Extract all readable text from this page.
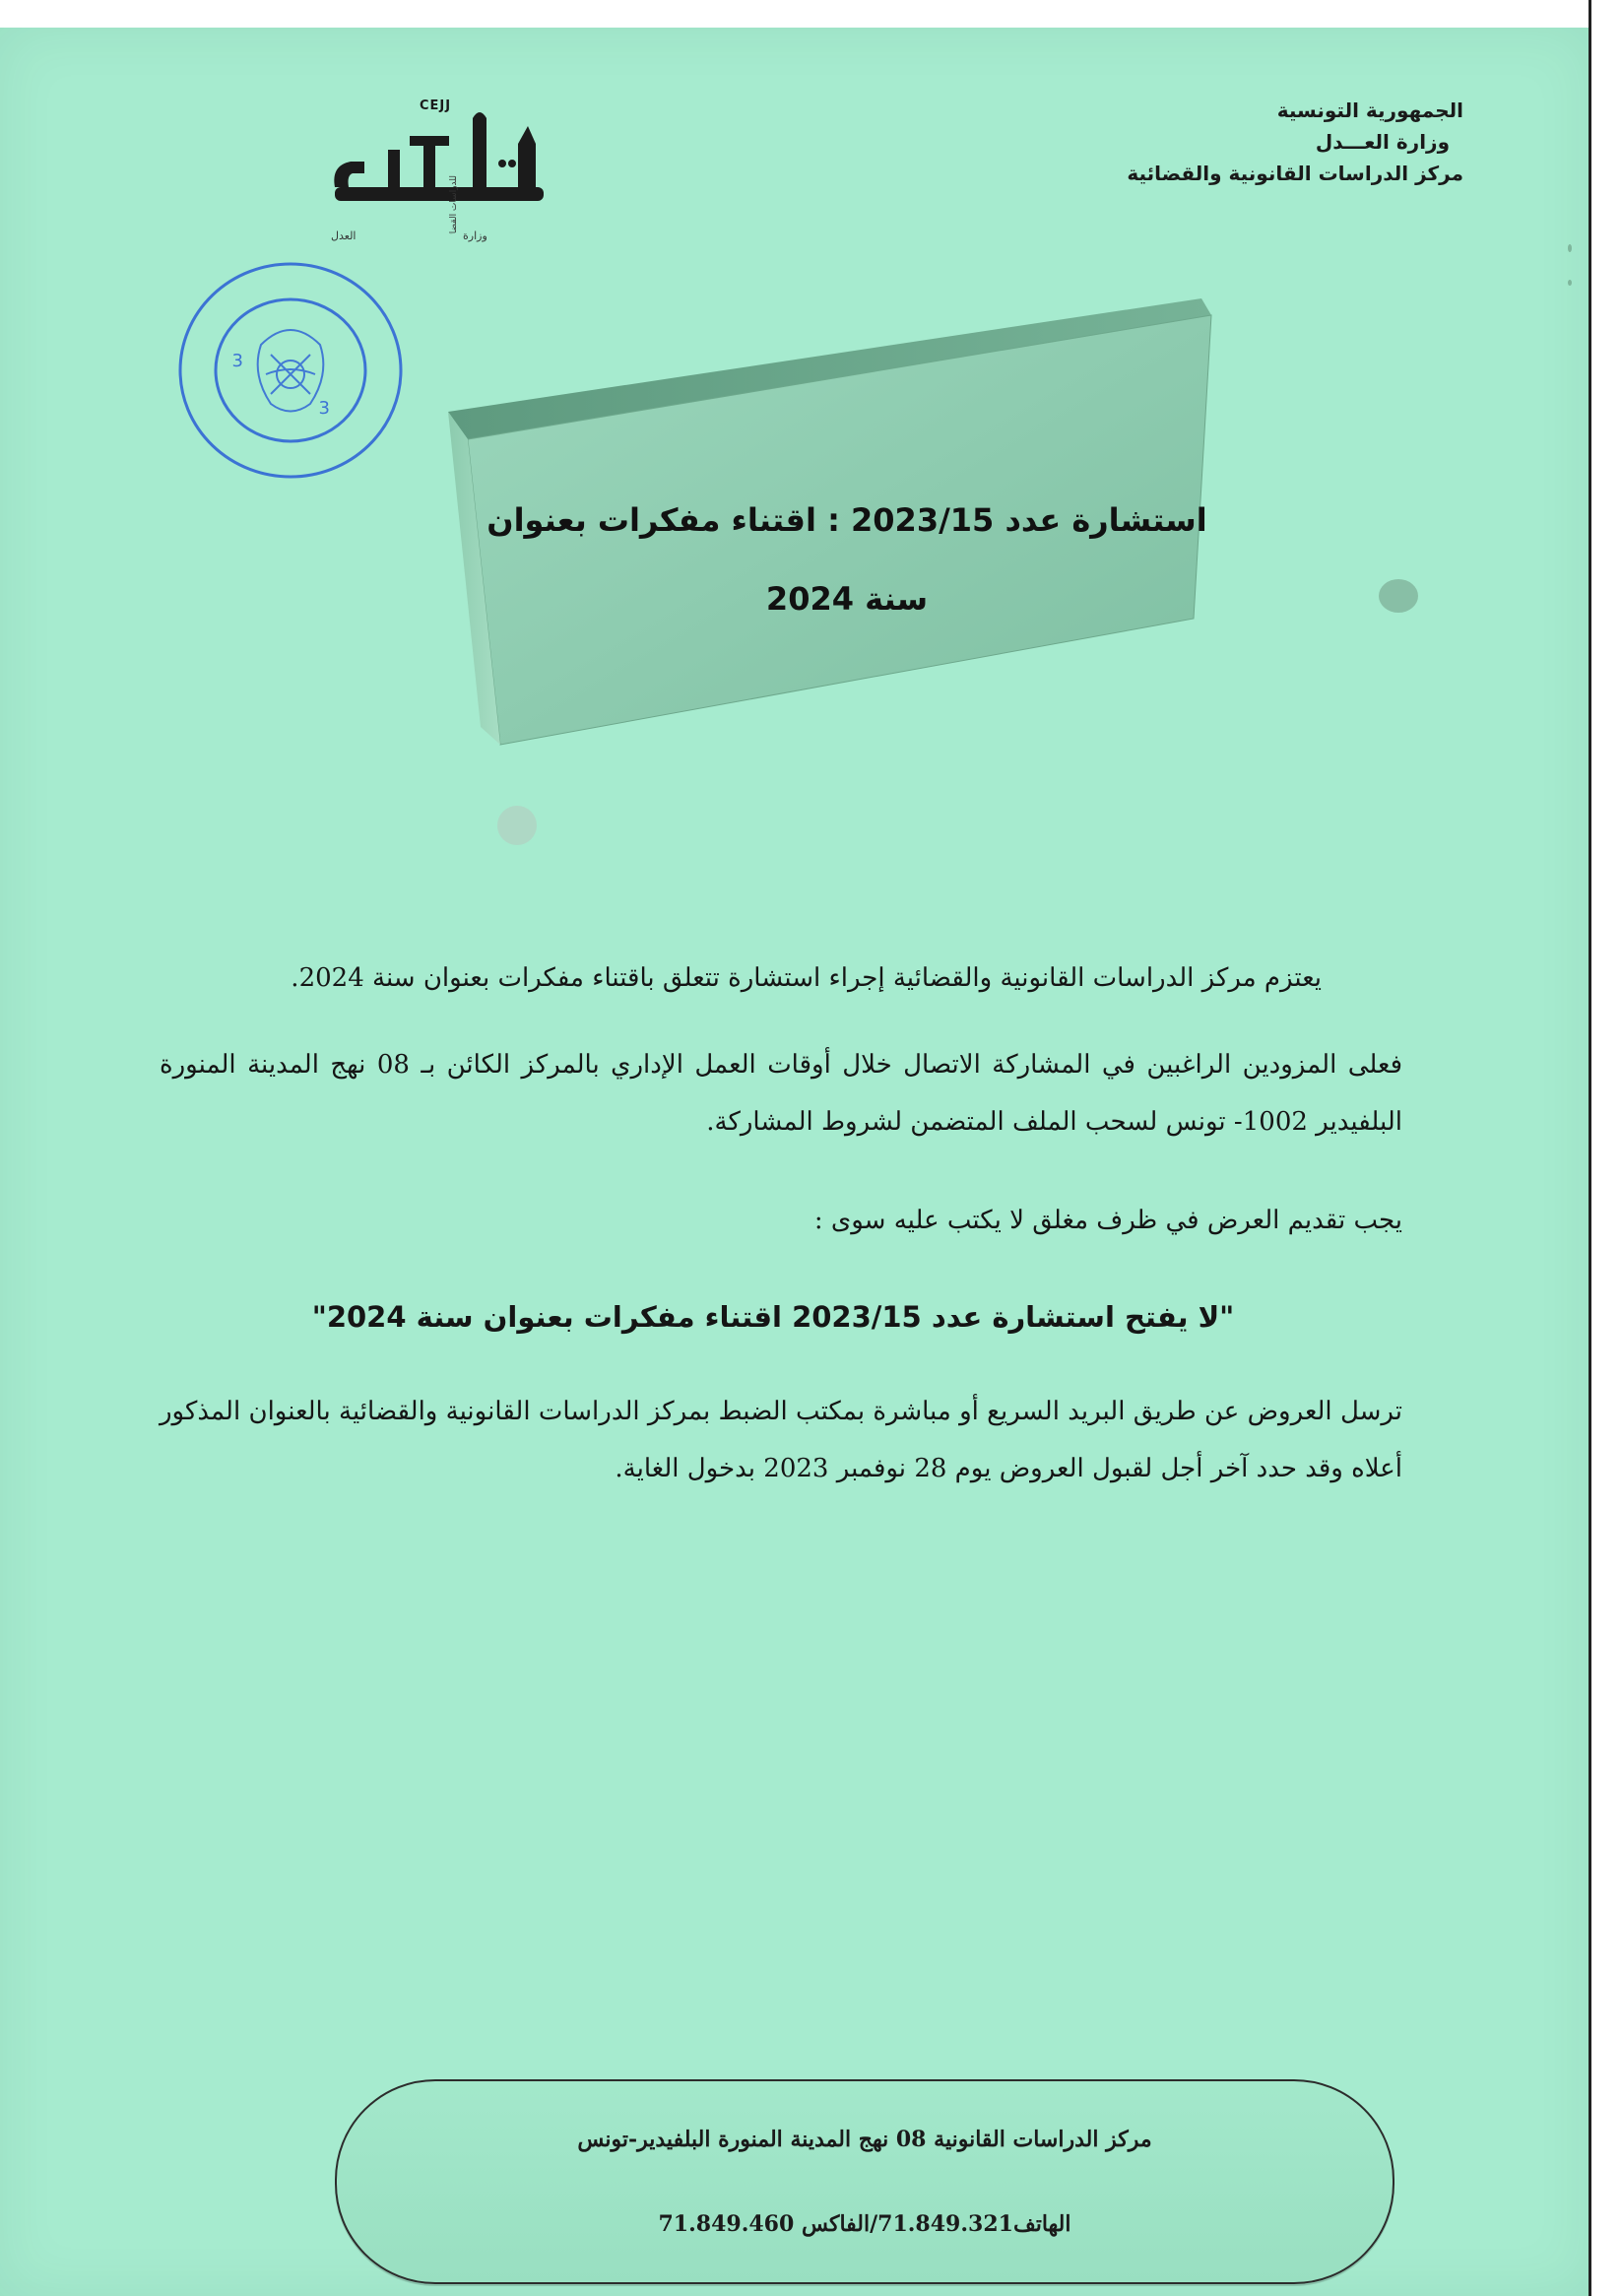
الجمهورية التونسية
وزارة العـــدل
مركز الدراسات القانونية والقضائية
CEJJ
للدراسات القضائية
العدل	وزارة
3
3
استشارة عدد 2023/15 : اقتناء مفكرات بعنوان
سنة 2024
يعتزم مركز الدراسات القانونية والقضائية إجراء استشارة تتعلق باقتناء مفكرات بعنوان سنة 2024.
فعلى المزودين الراغبين في المشاركة الاتصال خلال أوقات العمل الإداري بالمركز الكائن بـ 08 نهج المدينة المنورة البلفيدير 1002- تونس لسحب الملف المتضمن لشروط المشاركة.
يجب تقديم العرض في ظرف مغلق لا يكتب عليه سوى :
"لا يفتح استشارة عدد 2023/15 اقتناء مفكرات بعنوان سنة 2024"
ترسل العروض عن طريق البريد السريع أو مباشرة بمكتب الضبط بمركز الدراسات القانونية والقضائية بالعنوان المذكور أعلاه وقد حدد آخر أجل لقبول العروض يوم 28 نوفمبر 2023 بدخول الغاية.
مركز الدراسات القانونية 08 نهج المدينة المنورة البلفيدير-تونس
الهاتف71.849.321/الفاكس 71.849.460
